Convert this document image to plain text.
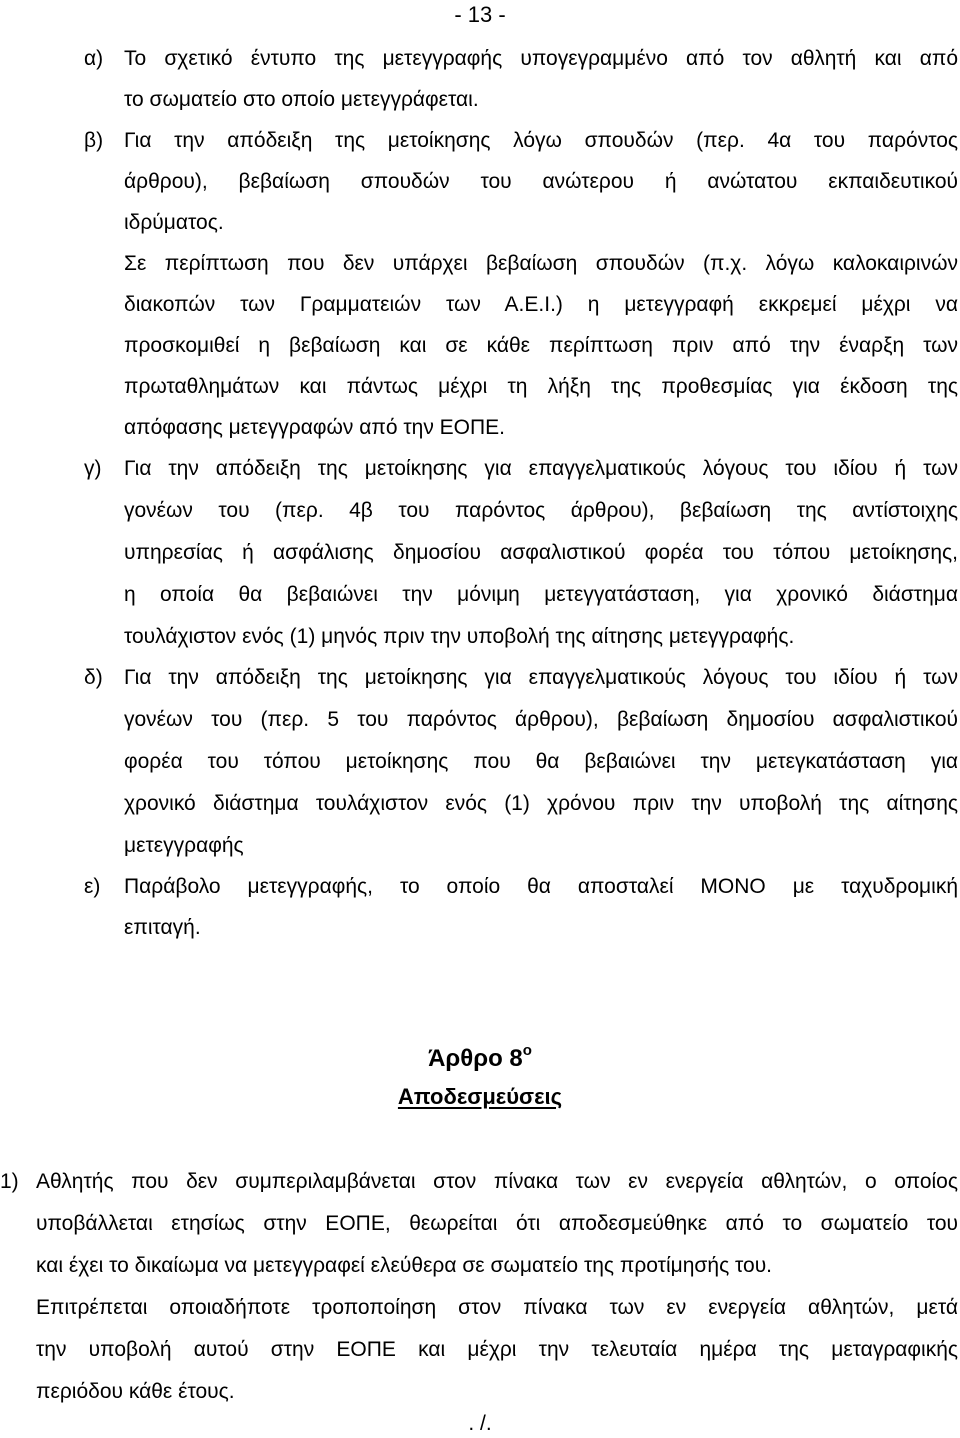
- 13 -
α) Το σχετικό έντυπο της μετεγγραφής υπογεγραμμένο από τον αθλητή και από
το σωματείο στο οποίο μετεγγράφεται.
β) Για την απόδειξη της μετοίκησης λόγω σπουδών (περ. 4α του παρόντος
άρθρου), βεβαίωση σπουδών του ανώτερου ή ανώτατου εκπαιδευτικού
ιδρύματος.
Σε περίπτωση που δεν υπάρχει βεβαίωση σπουδών (π.χ. λόγω καλοκαιρινών
διακοπών των Γραμματειών των Α.Ε.Ι.) η μετεγγραφή εκκρεμεί μέχρι να
προσκομιθεί η βεβαίωση και σε κάθε περίπτωση πριν από την έναρξη των
πρωταθλημάτων και πάντως μέχρι τη λήξη της προθεσμίας για έκδοση της
απόφασης μετεγγραφών από την ΕΟΠΕ.
γ) Για την απόδειξη της μετοίκησης για επαγγελματικούς λόγους του ιδίου ή των
γονέων του (περ. 4β του παρόντος άρθρου), βεβαίωση της αντίστοιχης
υπηρεσίας ή ασφάλισης δημοσίου ασφαλιστικού φορέα του τόπου μετοίκησης,
η οποία θα βεβαιώνει την μόνιμη μετεγγατάσταση, για χρονικό διάστημα
τουλάχιστον ενός (1) μηνός πριν την υποβολή της αίτησης μετεγγραφής.
δ) Για την απόδειξη της μετοίκησης για επαγγελματικούς λόγους του ιδίου ή των
γονέων του (περ. 5 του παρόντος άρθρου), βεβαίωση δημοσίου ασφαλιστικού
φορέα του τόπου μετοίκησης που θα βεβαιώνει την μετεγκατάσταση για
χρονικό διάστημα τουλάχιστον ενός (1) χρόνου πριν την υποβολή της αίτησης
μετεγγραφής
ε) Παράβολο μετεγγραφής, το οποίο θα αποσταλεί ΜΟΝΟ με ταχυδρομική
επιταγή.
Άρθρο $8^o$
Αποδεσμεύσεις
1) Αθλητής που δεν συμπεριλαμβάνεται στον πίνακα των εν ενεργεία αθλητών, ο οποίος
υποβάλλεται ετησίως στην ΕΟΠΕ, θεωρείται ότι αποδεσμεύθηκε από το σωματείο του
και έχει το δικαίωμα να μετεγγραφεί ελεύθερα σε σωματείο της προτίμησής του.
Επιτρέπεται οποιαδήποτε τροποποίηση στον πίνακα των εν ενεργεία αθλητών, μετά
την υποβολή αυτού στην ΕΟΠΕ και μέχρι την τελευταία ημέρα της μεταγραφικής
περιόδου κάθε έτους.
. /.
